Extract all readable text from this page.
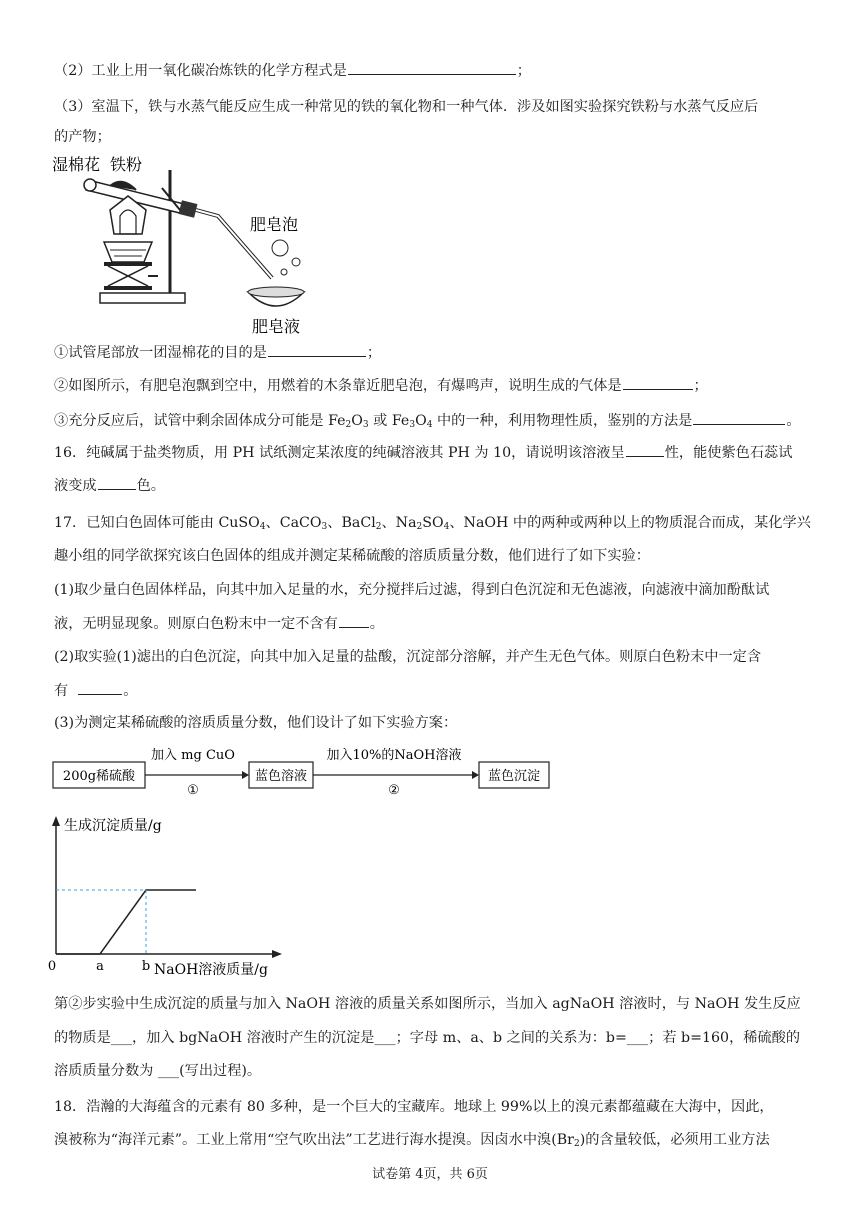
（2）工业上用一氧化碳冶炼铁的化学方程式是	；
（3）室温下，铁与水蒸气能反应生成一种常见的铁的氧化物和一种气体．涉及如图实验探究铁粉与水蒸气反应后
的产物；
湿棉花 铁粉
肥皂泡
肥皂液
①试管尾部放一团湿棉花的目的是	；
②如图所示，有肥皂泡飘到空中，用燃着的木条靠近肥皂泡，有爆鸣声，说明生成的气体是	；
③充分反应后，试管中剩余固体成分可能是 $Fe_2O_3$ 或 $Fe_3O_4$ 中的一种，利用物理性质，鉴别的方法是	。
16．纯碱属于盐类物质，用 PH 试纸测定某浓度的纯碱溶液其 PH 为 10，请说明该溶液呈	性，能使紫色石蕊试
液变成	色。
17．已知白色固体可能由 CuSO$_4$、CaCO$_3$、BaCl$_2$、$Na_2SO_4$、NaOH 中的两种或两种以上的物质混合而成，某化学兴
趣小组的同学欲探究该白色固体的组成并测定某稀硫酸的溶质质量分数，他们进行了如下实验：
(1)取少量白色固体样品，向其中加入足量的水，充分搅拌后过滤，得到白色沉淀和无色滤液，向滤液中滴加酚酞试
液，无明显现象。则原白色粉末中一定不含有 。
(2)取实验(1)滤出的白色沉淀，向其中加入足量的盐酸，沉淀部分溶解，并产生无色气体。则原白色粉末中一定含
有	。
(3)为测定某稀硫酸的溶质质量分数，他们设计了如下实验方案：
200g稀硫酸
加入 mg CuO
①
蓝色溶液
加入10%的NaOH溶液
②
蓝色沉淀
生成沉淀质量/g
NaOH溶液质量/g
0	a	b
第②步实验中生成沉淀的质量与加入 NaOH 溶液的质量关系如图所示，当加入 agNaOH 溶液时，与 NaOH 发生反应
的物质是___，加入 bgNaOH 溶液时产生的沉淀是___；字母 m、a、b 之间的关系为：b=___；若 b=160，稀硫酸的
溶质质量分数为 ___(写出过程)。
18．浩瀚的大海蕴含的元素有 80 多种，是一个巨大的宝藏库。地球上 99%以上的溴元素都蕴藏在大海中，因此，
溴被称为“海洋元素”。工业上常用“空气吹出法”工艺进行海水提溴。因卤水中溴$(Br_2)$的含量较低，必须用工业方法
试卷第 4页，共 6页
